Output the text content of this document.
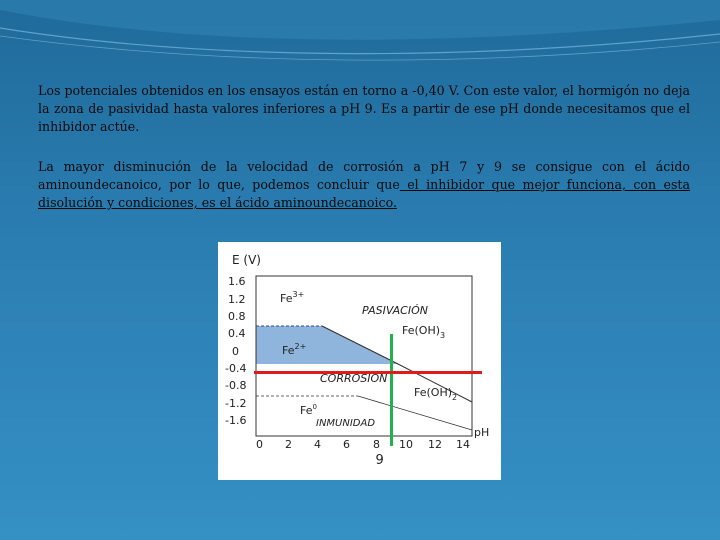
Los potenciales obtenidos en los ensayos están en torno a -0,40 V. Con este valor, el hormigón no deja la zona de pasividad hasta valores inferiores a pH 9. Es a partir de ese pH donde necesitamos que el inhibidor actúe.

La mayor disminución de la velocidad de corrosión a pH 7 y 9 se consigue con el ácido aminoundecanoico, por lo que, podemos concluir que el inhibidor que mejor funciona, con esta disolución y condiciones, es el ácido aminoundecanoico.

E (V)
1.6
1.2
0.8
0.4
0
-0.4
-0.8
-1.2
-1.6
0 2 4 6 8 10 12 14
pH
$Fe^{3+}$
$Fe^{2+}$
Fe$^0$
$Fe(OH)_3$
$Fe(OH)_2$
PASIVACIÓN
CORROSIÓN
INMUNIDAD
9
